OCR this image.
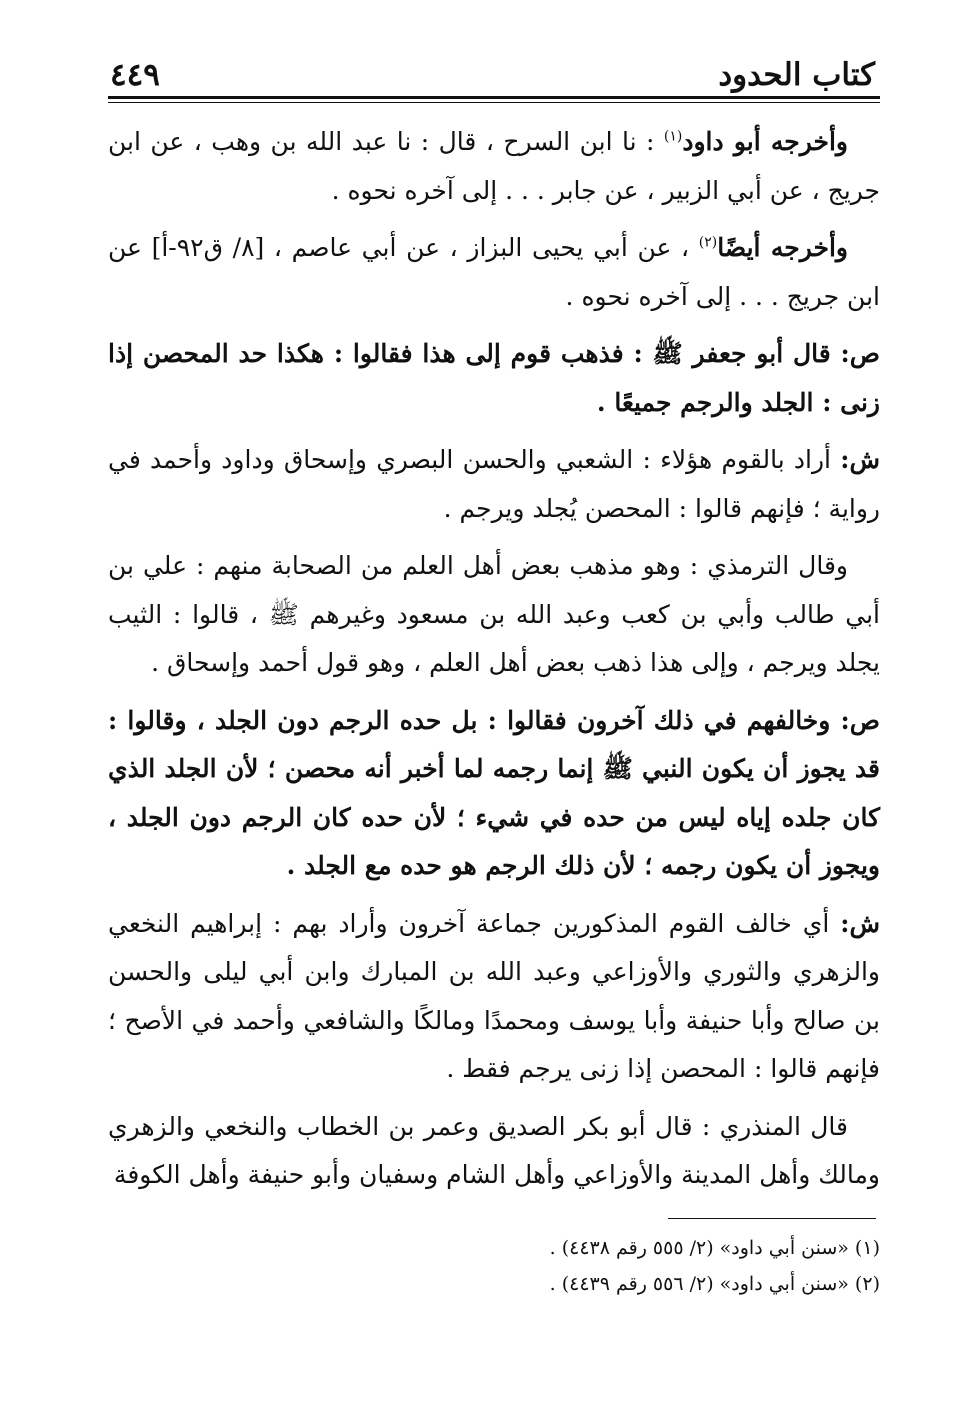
كتاب الحدود
٤٤٩

وأخرجه أبو داود$^{(١)}$ : نا ابن السرح ، قال : نا عبد الله بن وهب ، عن ابن جريج ، عن أبي الزبير ، عن جابر . . . إلى آخره نحوه .

وأخرجه أيضًا$^{(٢)}$ ، عن أبي يحيى البزاز ، عن أبي عاصم ، [٨/ ق٩٢-أ] عن ابن جريج . . . إلى آخره نحوه .

ص: قال أبو جعفر ﷺ : فذهب قوم إلى هذا فقالوا : هكذا حد المحصن إذا زنى : الجلد والرجم جميعًا .

ش: أراد بالقوم هؤلاء : الشعبي والحسن البصري وإسحاق وداود وأحمد في رواية ؛ فإنهم قالوا : المحصن يُجلد ويرجم .

وقال الترمذي : وهو مذهب بعض أهل العلم من الصحابة منهم : علي بن أبي طالب وأبي بن كعب وعبد الله بن مسعود وغيرهم ﷺ ، قالوا : الثيب يجلد ويرجم ، وإلى هذا ذهب بعض أهل العلم ، وهو قول أحمد وإسحاق .

ص: وخالفهم في ذلك آخرون فقالوا : بل حده الرجم دون الجلد ، وقالوا : قد يجوز أن يكون النبي ﷺ إنما رجمه لما أخبر أنه محصن ؛ لأن الجلد الذي كان جلده إياه ليس من حده في شيء ؛ لأن حده كان الرجم دون الجلد ، ويجوز أن يكون رجمه ؛ لأن ذلك الرجم هو حده مع الجلد .

ش: أي خالف القوم المذكورين جماعة آخرون وأراد بهم : إبراهيم النخعي والزهري والثوري والأوزاعي وعبد الله بن المبارك وابن أبي ليلى والحسن بن صالح وأبا حنيفة وأبا يوسف ومحمدًا ومالكًا والشافعي وأحمد في الأصح ؛ فإنهم قالوا : المحصن إذا زنى يرجم فقط .

قال المنذري : قال أبو بكر الصديق وعمر بن الخطاب والنخعي والزهري ومالك وأهل المدينة والأوزاعي وأهل الشام وسفيان وأبو حنيفة وأهل الكوفة

(١) «سنن أبي داود» (٢/ ٥٥٥ رقم ٤٤٣٨) .

(٢) «سنن أبي داود» (٢/ ٥٥٦ رقم ٤٤٣٩) .
